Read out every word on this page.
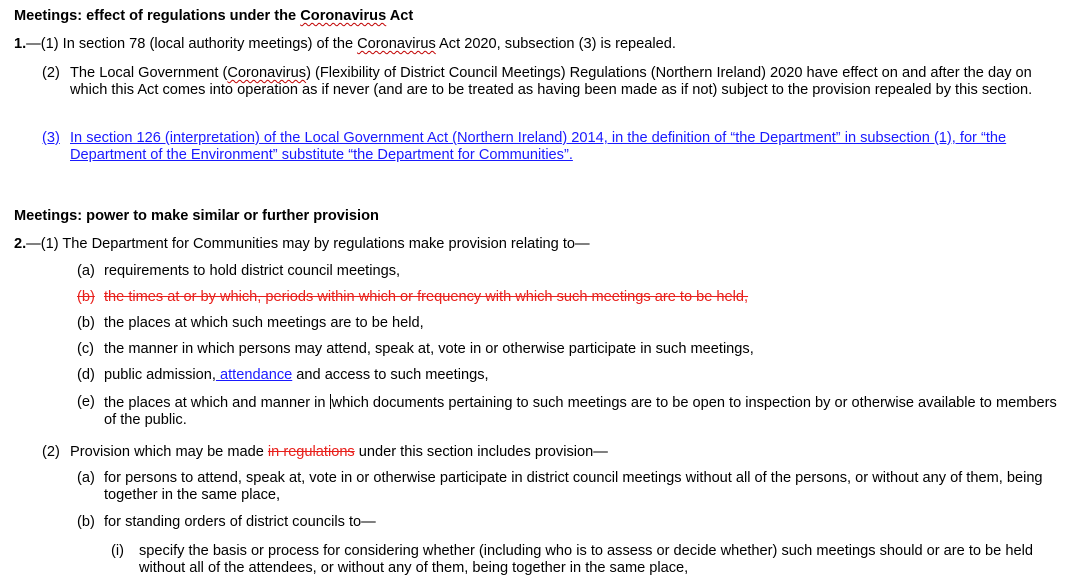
Meetings: effect of regulations under the Coronavirus Act
1.—(1) In section 78 (local authority meetings) of the Coronavirus Act 2020, subsection (3) is repealed.
(2) The Local Government (Coronavirus) (Flexibility of District Council Meetings) Regulations (Northern Ireland) 2020 have effect on and after the day on which this Act comes into operation as if never (and are to be treated as having been made as if not) subject to the provision repealed by this section.
(3) In section 126 (interpretation) of the Local Government Act (Northern Ireland) 2014, in the definition of “the Department” in subsection (1), for “the Department of the Environment” substitute “the Department for Communities”.
Meetings: power to make similar or further provision
2.—(1) The Department for Communities may by regulations make provision relating to—
(a) requirements to hold district council meetings,
(b) the times at or by which, periods within which or frequency with which such meetings are to be held,
(b) the places at which such meetings are to be held,
(c) the manner in which persons may attend, speak at, vote in or otherwise participate in such meetings,
(d) public admission, attendance and access to such meetings,
(e) the places at which and manner in which documents pertaining to such meetings are to be open to inspection by or otherwise available to members of the public.
(2) Provision which may be made in regulations under this section includes provision—
(a) for persons to attend, speak at, vote in or otherwise participate in district council meetings without all of the persons, or without any of them, being together in the same place,
(b) for standing orders of district councils to—
(i)	specify the basis or process for considering whether (including who is to assess or decide whether) such meetings should or are to be held without all of the attendees, or without any of them, being together in the same place,
